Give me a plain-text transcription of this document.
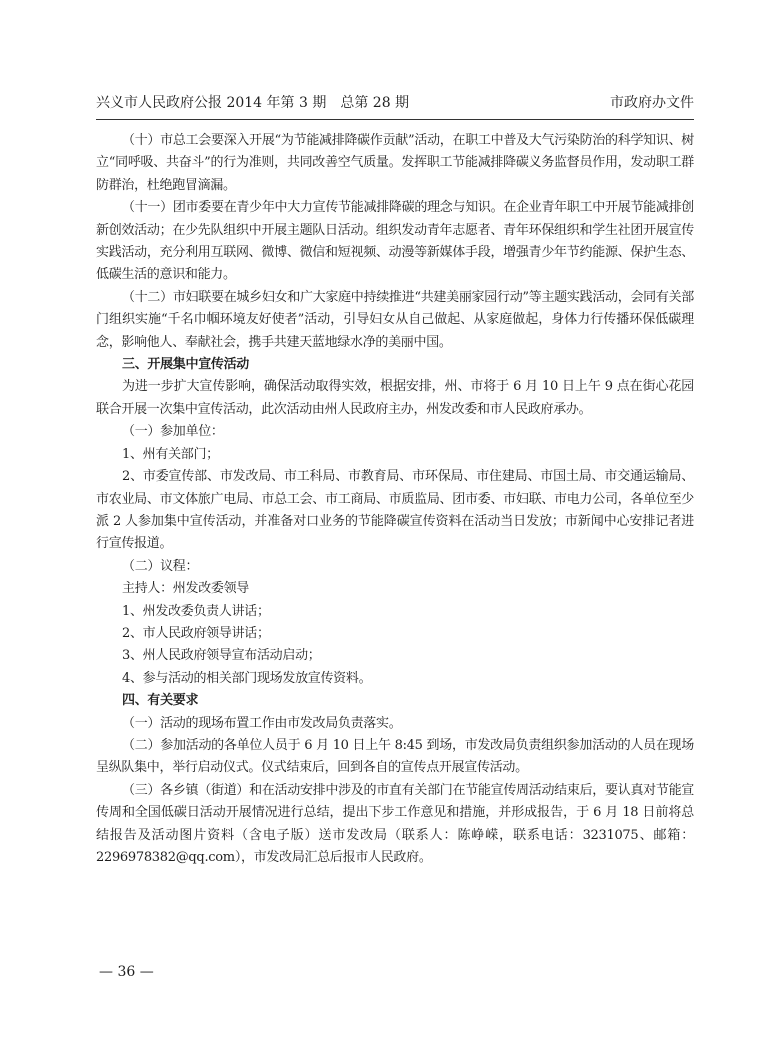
兴义市人民政府公报 2014 年第 3 期　总第 28 期	市政府办文件

（十）市总工会要深入开展“为节能减排降碳作贡献”活动，在职工中普及大气污染防治的科学知识、树立“同呼吸、共奋斗”的行为准则，共同改善空气质量。发挥职工节能减排降碳义务监督员作用，发动职工群防群治，杜绝跑冒滴漏。

（十一）团市委要在青少年中大力宣传节能减排降碳的理念与知识。在企业青年职工中开展节能减排创新创效活动；在少先队组织中开展主题队日活动。组织发动青年志愿者、青年环保组织和学生社团开展宣传实践活动，充分利用互联网、微博、微信和短视频、动漫等新媒体手段，增强青少年节约能源、保护生态、低碳生活的意识和能力。

（十二）市妇联要在城乡妇女和广大家庭中持续推进“共建美丽家园行动”等主题实践活动，会同有关部门组织实施“千名巾帼环境友好使者”活动，引导妇女从自己做起、从家庭做起，身体力行传播环保低碳理念，影响他人、奉献社会，携手共建天蓝地绿水净的美丽中国。

三、开展集中宣传活动

为进一步扩大宣传影响，确保活动取得实效，根据安排，州、市将于 6 月 10 日上午 9 点在街心花园联合开展一次集中宣传活动，此次活动由州人民政府主办，州发改委和市人民政府承办。

（一）参加单位：

1、州有关部门；

2、市委宣传部、市发改局、市工科局、市教育局、市环保局、市住建局、市国土局、市交通运输局、市农业局、市文体旅广电局、市总工会、市工商局、市质监局、团市委、市妇联、市电力公司，各单位至少派 2 人参加集中宣传活动，并准备对口业务的节能降碳宣传资料在活动当日发放；市新闻中心安排记者进行宣传报道。

（二）议程：

主持人：州发改委领导

1、州发改委负责人讲话；

2、市人民政府领导讲话；

3、州人民政府领导宣布活动启动；

4、参与活动的相关部门现场发放宣传资料。

四、有关要求

（一）活动的现场布置工作由市发改局负责落实。

（二）参加活动的各单位人员于 6 月 10 日上午 8:45 到场，市发改局负责组织参加活动的人员在现场呈纵队集中，举行启动仪式。仪式结束后，回到各自的宣传点开展宣传活动。

（三）各乡镇（街道）和在活动安排中涉及的市直有关部门在节能宣传周活动结束后，要认真对节能宣传周和全国低碳日活动开展情况进行总结，提出下步工作意见和措施，并形成报告，于 6 月 18 日前将总结报告及活动图片资料（含电子版）送市发改局（联系人：陈峥嵘，联系电话：3231075、邮箱：2296978382@qq.com），市发改局汇总后报市人民政府。

— 36 —
